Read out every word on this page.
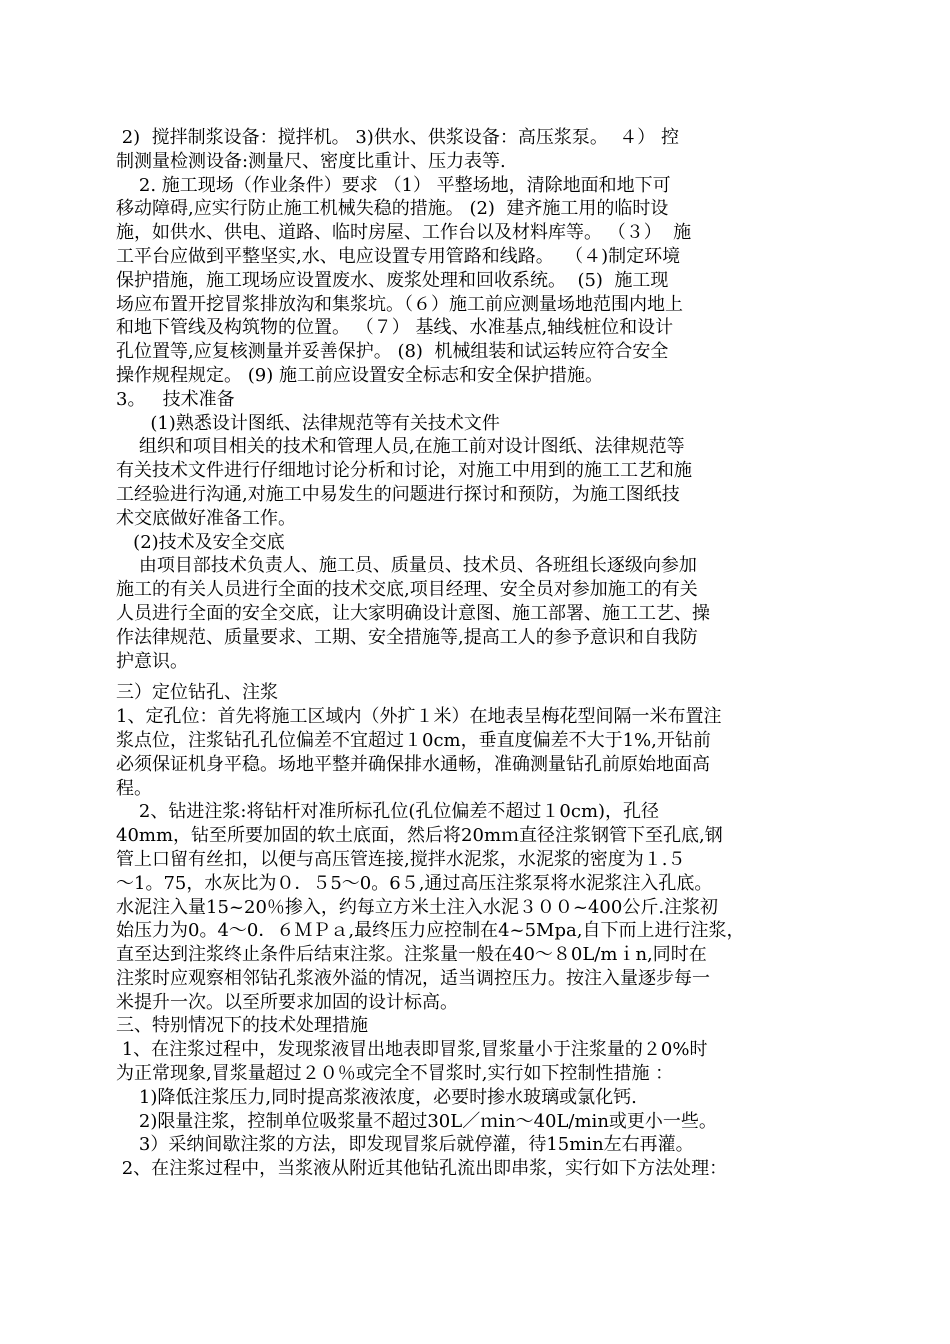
2)  搅拌制浆设备：搅拌机。 3)供水、供浆设备：高压浆泵。  ４） 控
制测量检测设备:测量尺、密度比重计、压力表等.
2. 施工现场（作业条件）要求 （1） 平整场地，清除地面和地下可
移动障碍,应实行防止施工机械失稳的措施。 (2)  建齐施工用的临时设
施，如供水、供电、道路、临时房屋、工作台以及材料库等。 （３）  施
工平台应做到平整坚实,水、电应设置专用管路和线路。  （４)制定环境
保护措施，施工现场应设置废水、废浆处理和回收系统。  (5)  施工现
场应布置开挖冒浆排放沟和集浆坑。（６）施工前应测量场地范围内地上
和地下管线及构筑物的位置。 （７） 基线、水准基点,轴线桩位和设计
孔位置等,应复核测量并妥善保护。 (8)  机械组装和试运转应符合安全
操作规程规定。 (9) 施工前应设置安全标志和安全保护措施。
3。   技术准备
(1)熟悉设计图纸、法律规范等有关技术文件
组织和项目相关的技术和管理人员,在施工前对设计图纸、法律规范等
有关技术文件进行仔细地讨论分析和讨论，对施工中用到的施工工艺和施
工经验进行沟通,对施工中易发生的问题进行探讨和预防，为施工图纸技
术交底做好准备工作。
(2)技术及安全交底
由项目部技术负责人、施工员、质量员、技术员、各班组长逐级向参加
施工的有关人员进行全面的技术交底,项目经理、安全员对参加施工的有关
人员进行全面的安全交底，让大家明确设计意图、施工部署、施工工艺、操
作法律规范、质量要求、工期、安全措施等,提高工人的参予意识和自我防
护意识。
三）定位钻孔、注浆
1、定孔位：首先将施工区域内（外扩１米）在地表呈梅花型间隔一米布置注
浆点位，注浆钻孔孔位偏差不宜超过１0cm，垂直度偏差不大于1%,开钻前
必须保证机身平稳。场地平整并确保排水通畅，准确测量钻孔前原始地面高
程。
2、钻进注浆:将钻杆对准所标孔位(孔位偏差不超过１0cm)，孔径
40mm，钻至所要加固的软土底面，然后将20mｍ直径注浆钢管下至孔底,钢
管上口留有丝扣，以便与高压管连接,搅拌水泥浆，水泥浆的密度为１.５
～1。75，水灰比为０．５5～0。6５,通过高压注浆泵将水泥浆注入孔底。
水泥注入量15~20％掺入，约每立方米土注入水泥３００~400公斤.注浆初
始压力为0。4～0．６ＭＰａ,最终压力应控制在4~5Mpa,自下而上进行注浆，
直至达到注浆终止条件后结束注浆。注浆量一般在40～８0L/mｉn,同时在
注浆时应观察相邻钻孔浆液外溢的情况，适当调控压力。按注入量逐步每一
米提升一次。以至所要求加固的设计标高。
三、特别情况下的技术处理措施
1、在注浆过程中，发现浆液冒出地表即冒浆,冒浆量小于注浆量的２0%时
为正常现象,冒浆量超过２０％或完全不冒浆时,实行如下控制性措施 ：
1)降低注浆压力,同时提高浆液浓度，必要时掺水玻璃或氯化钙.
2)限量注浆，控制单位吸浆量不超过30L／ｍin～40L/min或更小一些。
3）采纳间歇注浆的方法，即发现冒浆后就停灌，待15min左右再灌。
2、在注浆过程中，当浆液从附近其他钻孔流出即串浆，实行如下方法处理：
